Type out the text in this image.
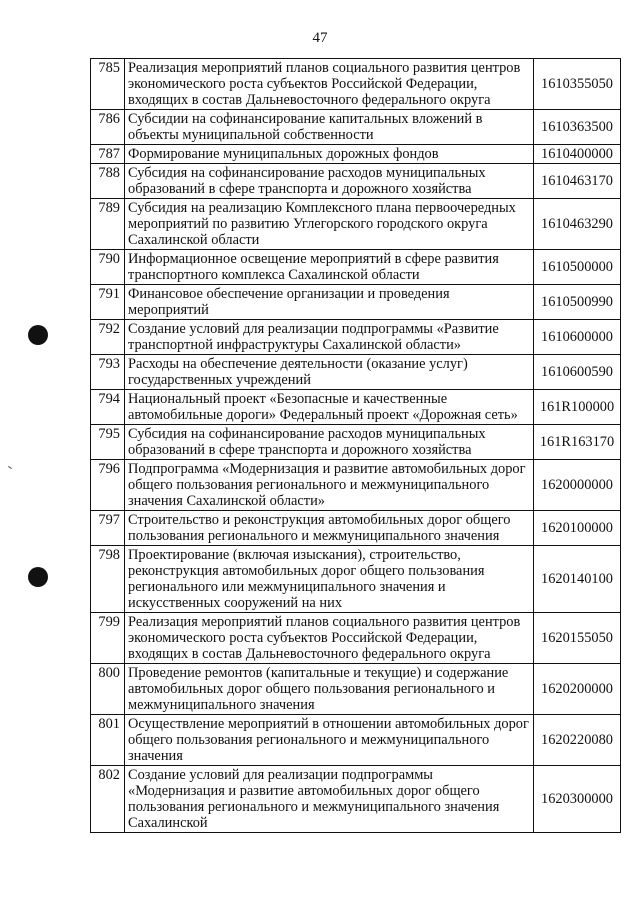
47
785	Реализация мероприятий планов социального развития центров экономического роста субъектов Российской Федерации, входящих в состав Дальневосточного федерального округа	1610355050
786	Субсидии на софинансирование капитальных вложений в объекты муниципальной собственности	1610363500
787	Формирование муниципальных дорожных фондов	1610400000
788	Субсидия на софинансирование расходов муниципальных образований в сфере транспорта и дорожного хозяйства	1610463170
789	Субсидия на реализацию Комплексного плана первоочередных мероприятий по развитию Углегорского городского округа Сахалинской области	1610463290
790	Информационное освещение мероприятий в сфере развития транспортного комплекса Сахалинской области	1610500000
791	Финансовое обеспечение организации и проведения мероприятий	1610500990
792	Создание условий для реализации подпрограммы «Развитие транспортной инфраструктуры Сахалинской области»	1610600000
793	Расходы на обеспечение деятельности (оказание услуг) государственных учреждений	1610600590
794	Национальный проект «Безопасные и качественные автомобильные дороги» Федеральный проект «Дорожная сеть»	161R100000
795	Субсидия на софинансирование расходов муниципальных образований в сфере транспорта и дорожного хозяйства	161R163170
796	Подпрограмма «Модернизация и развитие автомобильных дорог общего пользования регионального и межмуниципального значения Сахалинской области»	1620000000
797	Строительство и реконструкция автомобильных дорог общего пользования регионального и межмуниципального значения	1620100000
798	Проектирование (включая изыскания), строительство, реконструкция автомобильных дорог общего пользования регионального или межмуниципального значения и искусственных сооружений на них	1620140100
799	Реализация мероприятий планов социального развития центров экономического роста субъектов Российской Федерации, входящих в состав Дальневосточного федерального округа	1620155050
800	Проведение ремонтов (капитальные и текущие) и содержание автомобильных дорог общего пользования регионального и межмуниципального значения	1620200000
801	Осуществление мероприятий в отношении автомобильных дорог общего пользования регионального и межмуниципального значения	1620220080
802	Создание условий для реализации подпрограммы «Модернизация и развитие автомобильных дорог общего пользования регионального и межмуниципального значения Сахалинской	1620300000
